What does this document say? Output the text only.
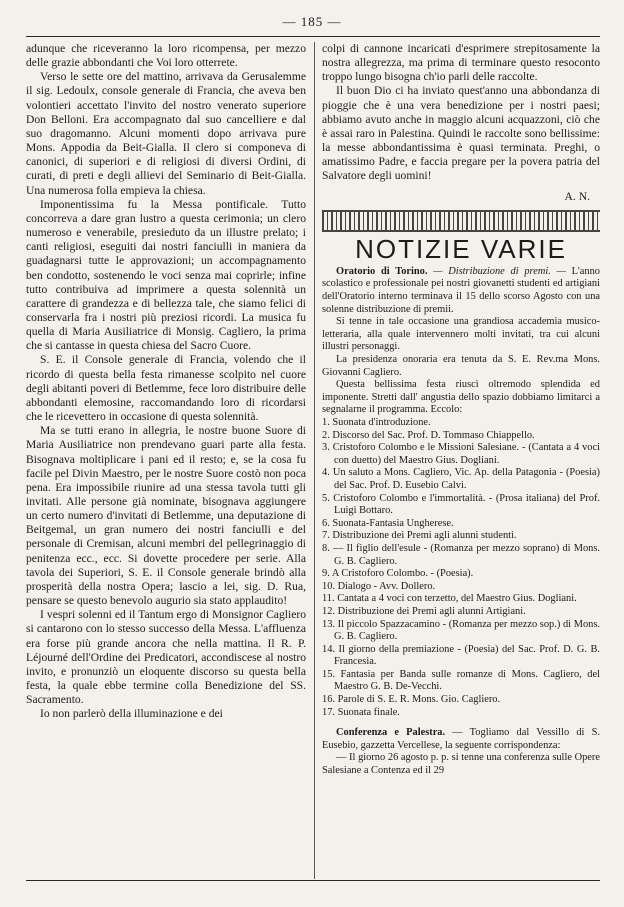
— 185 —

adunque che riceveranno la loro ricompensa, per mezzo delle grazie abbondanti che Voi loro otterrete.

Verso le sette ore del mattino, arrivava da Gerusalemme il sig. Ledoulx, console generale di Francia, che aveva ben volontieri accettato l'invito del nostro venerato superiore Don Belloni. Era accompagnato dal suo cancelliere e dal suo dragomanno. Alcuni momenti dopo arrivava pure Mons. Appodia da Beit-Gialla. Il clero si componeva di canonici, di superiori e di religiosi di diversi Ordini, di curati, di preti e degli allievi del Seminario di Beit-Gialla. Una numerosa folla empieva la chiesa.

Imponentissima fu la Messa pontificale. Tutto concorreva a dare gran lustro a questa cerimonia; un clero numeroso e venerabile, presieduto da un illustre prelato; i canti religiosi, eseguiti dai nostri fanciulli in maniera da guadagnarsi tutte le approvazioni; un accompagnamento ben condotto, sostenendo le voci senza mai coprirle; infine tutto contribuiva ad imprimere a questa solennità un carattere di grandezza e di bellezza tale, che siamo felici di conservarla fra i nostri più preziosi ricordi. La musica fu quella di Maria Ausiliatrice di Monsig. Cagliero, la prima che si cantasse in questa chiesa del Sacro Cuore.

S. E. il Console generale di Francia, volendo che il ricordo di questa bella festa rimanesse scolpito nel cuore degli abitanti poveri di Betlemme, fece loro distribuire delle abbondanti elemosine, raccomandando loro di ricordarsi che le ricevettero in occasione di questa solennità.

Ma se tutti erano in allegria, le nostre buone Suore di Maria Ausiliatrice non prendevano guari parte alla festa. Bisognava moltiplicare i pani ed il resto; e, se la cosa fu facile pel Divin Maestro, per le nostre Suore costò non poca pena. Era impossibile riunire ad una stessa tavola tutti gli invitati. Alle persone già nominate, bisognava aggiungere un certo numero d'invitati di Betlemme, una deputazione di Beitgemal, un gran numero dei nostri fanciulli e del personale di Cremisan, alcuni membri del pellegrinaggio di penitenza ecc., ecc. Si dovette procedere per serie. Alla tavola dei Superiori, S. E. il Console generale brindò alla prosperità della nostra Opera; lascio a lei, sig. D. Rua, pensare se questo benevolo augurio sia stato applaudito!

I vespri solenni ed il Tantum ergo di Monsignor Cagliero si cantarono con lo stesso successo della Messa. L'affluenza era forse più grande ancora che nella mattina. Il R. P. Léjourné dell'Ordine dei Predicatori, accondiscese al nostro invito, e pronunziò un eloquente discorso su questa bella festa, la quale ebbe termine colla Benedizione del SS. Sacramento.

Io non parlerò della illuminazione e dei

colpi di cannone incaricati d'esprimere strepitosamente la nostra allegrezza, ma prima di terminare questo resoconto troppo lungo bisogna ch'io parli delle raccolte.

Il buon Dio ci ha inviato quest'anno una abbondanza di pioggie che è una vera benedizione per i nostri paesi; abbiamo avuto anche in maggio alcuni acquazzoni, ciò che è assai raro in Palestina. Quindi le raccolte sono bellissime: la messe abbondantissima è quasi terminata. Preghi, o amatissimo Padre, e faccia pregare per la povera patria del Salvatore degli uomini!

A. N.

NOTIZIE VARIE

Oratorio di Torino. — Distribuzione di premi. — L'anno scolastico e professionale pei nostri giovanetti studenti ed artigiani dell'Oratorio interno terminava il 15 dello scorso Agosto con una solenne distribuzione di premii.

Si tenne in tale occasione una grandiosa accademia musico-letteraria, alla quale intervennero molti invitati, tra cui alcuni illustri personaggi.

La presidenza onoraria era tenuta da S. E. Rev.ma Mons. Giovanni Cagliero.

Questa bellissima festa riuscì oltremodo splendida ed imponente. Stretti dall' angustia dello spazio dobbiamo limitarci a segnalarne il programma. Eccolo:

1. Suonata d'introduzione.

2. Discorso del Sac. Prof. D. Tommaso Chiappello.

3. Cristoforo Colombo e le Missioni Salesiane. - (Cantata a 4 voci con duetto) del Maestro Gius. Dogliani.

4. Un saluto a Mons. Cagliero, Vic. Ap. della Patagonia - (Poesia) del Sac. Prof. D. Eusebio Calvi.

5. Cristoforo Colombo e l'immortalità. - (Prosa italiana) del Prof. Luigi Bottaro.

6. Suonata-Fantasia Ungherese.

7. Distribuzione dei Premi agli alunni studenti.

8. — Il figlio dell'esule - (Romanza per mezzo soprano) di Mons. G. B. Cagliero.

9. A Cristoforo Colombo. - (Poesia).

10. Dialogo - Avv. Dollero.

11. Cantata a 4 voci con terzetto, del Maestro Gius. Dogliani.

12. Distribuzione dei Premi agli alunni Artigiani.

13. Il piccolo Spazzacamino - (Romanza per mezzo sop.) di Mons. G. B. Cagliero.

14. Il giorno della premiazione - (Poesia) del Sac. Prof. D. G. B. Francesia.

15. Fantasia per Banda sulle romanze di Mons. Cagliero, del Maestro G. B. De-Vecchi.

16. Parole di S. E. R. Mons. Gio. Cagliero.

17. Suonata finale.

Conferenza e Palestra. — Togliamo dal Vessillo di S. Eusebio, gazzetta Vercellese, la seguente corrispondenza:

— Il giorno 26 agosto p. p. si tenne una conferenza sulle Opere Salesiane a Contenza ed il 29
